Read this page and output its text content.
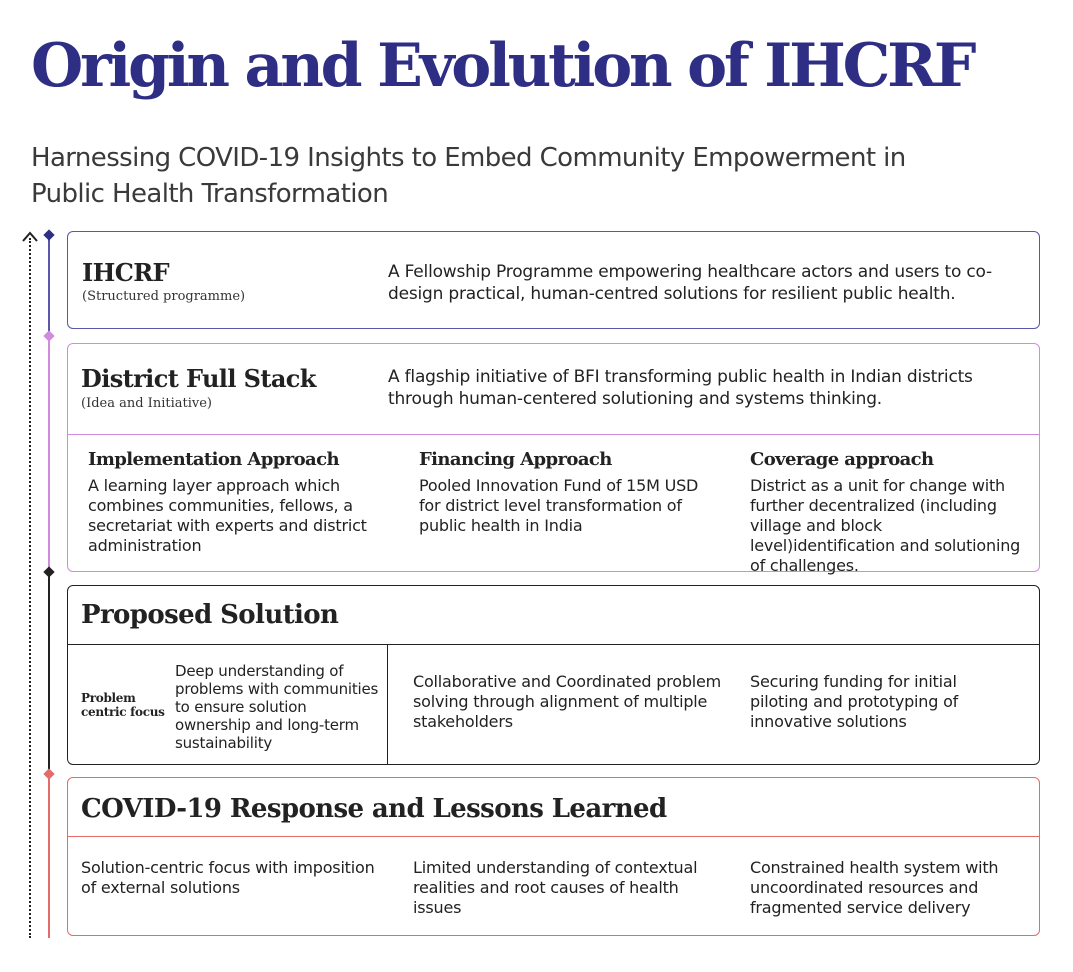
Origin and Evolution of IHCRF

Harnessing COVID-19 Insights to Embed Community Empowerment in Public Health Transformation

IHCRF
(Structured programme)
A Fellowship Programme empowering healthcare actors and users to co-design practical, human-centred solutions for resilient public health.
District Full Stack
(Idea and Initiative)
A flagship initiative of BFI transforming public health in Indian districts through human-centered solutioning and systems thinking.
Implementation Approach
A learning layer approach which combines communities, fellows, a secretariat with experts and district administration
Financing Approach
Pooled Innovation Fund of 15M USD for district level transformation of public health in India
Coverage approach
District as a unit for change with further decentralized (including village and block level)identification and solutioning of challenges.
Proposed Solution
Problem centric focus
Deep understanding of problems with communities to ensure solution ownership and long-term sustainability
Collaborative and Coordinated problem solving through alignment of multiple stakeholders
Securing funding for initial piloting and prototyping of innovative solutions
COVID-19 Response and Lessons Learned
Solution-centric focus with imposition of external solutions
Limited understanding of contextual realities and root causes of health issues
Constrained health system with uncoordinated resources and fragmented service delivery
